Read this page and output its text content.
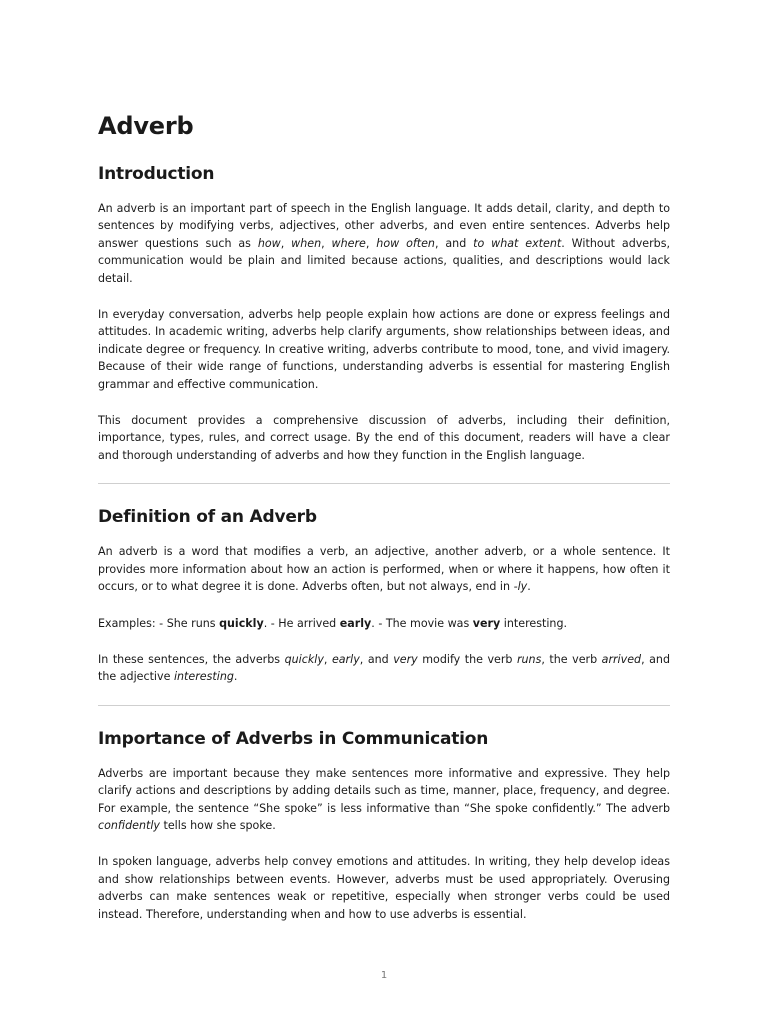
Adverb
Introduction

An adverb is an important part of speech in the English language. It adds detail, clarity, and depth to sentences by modifying verbs, adjectives, other adverbs, and even entire sentences. Adverbs help answer questions such as how, when, where, how often, and to what extent. Without adverbs, communication would be plain and limited because actions, qualities, and descriptions would lack detail.

In everyday conversation, adverbs help people explain how actions are done or express feelings and attitudes. In academic writing, adverbs help clarify arguments, show relationships between ideas, and indicate degree or frequency. In creative writing, adverbs contribute to mood, tone, and vivid imagery. Because of their wide range of functions, understanding adverbs is essential for mastering English grammar and effective communication.

This document provides a comprehensive discussion of adverbs, including their definition, importance, types, rules, and correct usage. By the end of this document, readers will have a clear and thorough understanding of adverbs and how they function in the English language.

Definition of an Adverb

An adverb is a word that modifies a verb, an adjective, another adverb, or a whole sentence. It provides more information about how an action is performed, when or where it happens, how often it occurs, or to what degree it is done. Adverbs often, but not always, end in -ly.

Examples: - She runs quickly. - He arrived early. - The movie was very interesting.

In these sentences, the adverbs quickly, early, and very modify the verb runs, the verb arrived, and the adjective interesting.

Importance of Adverbs in Communication

Adverbs are important because they make sentences more informative and expressive. They help clarify actions and descriptions by adding details such as time, manner, place, frequency, and degree. For example, the sentence “She spoke” is less informative than “She spoke confidently.” The adverb confidently tells how she spoke.

In spoken language, adverbs help convey emotions and attitudes. In writing, they help develop ideas and show relationships between events. However, adverbs must be used appropriately. Overusing adverbs can make sentences weak or repetitive, especially when stronger verbs could be used instead. Therefore, understanding when and how to use adverbs is essential.

1
